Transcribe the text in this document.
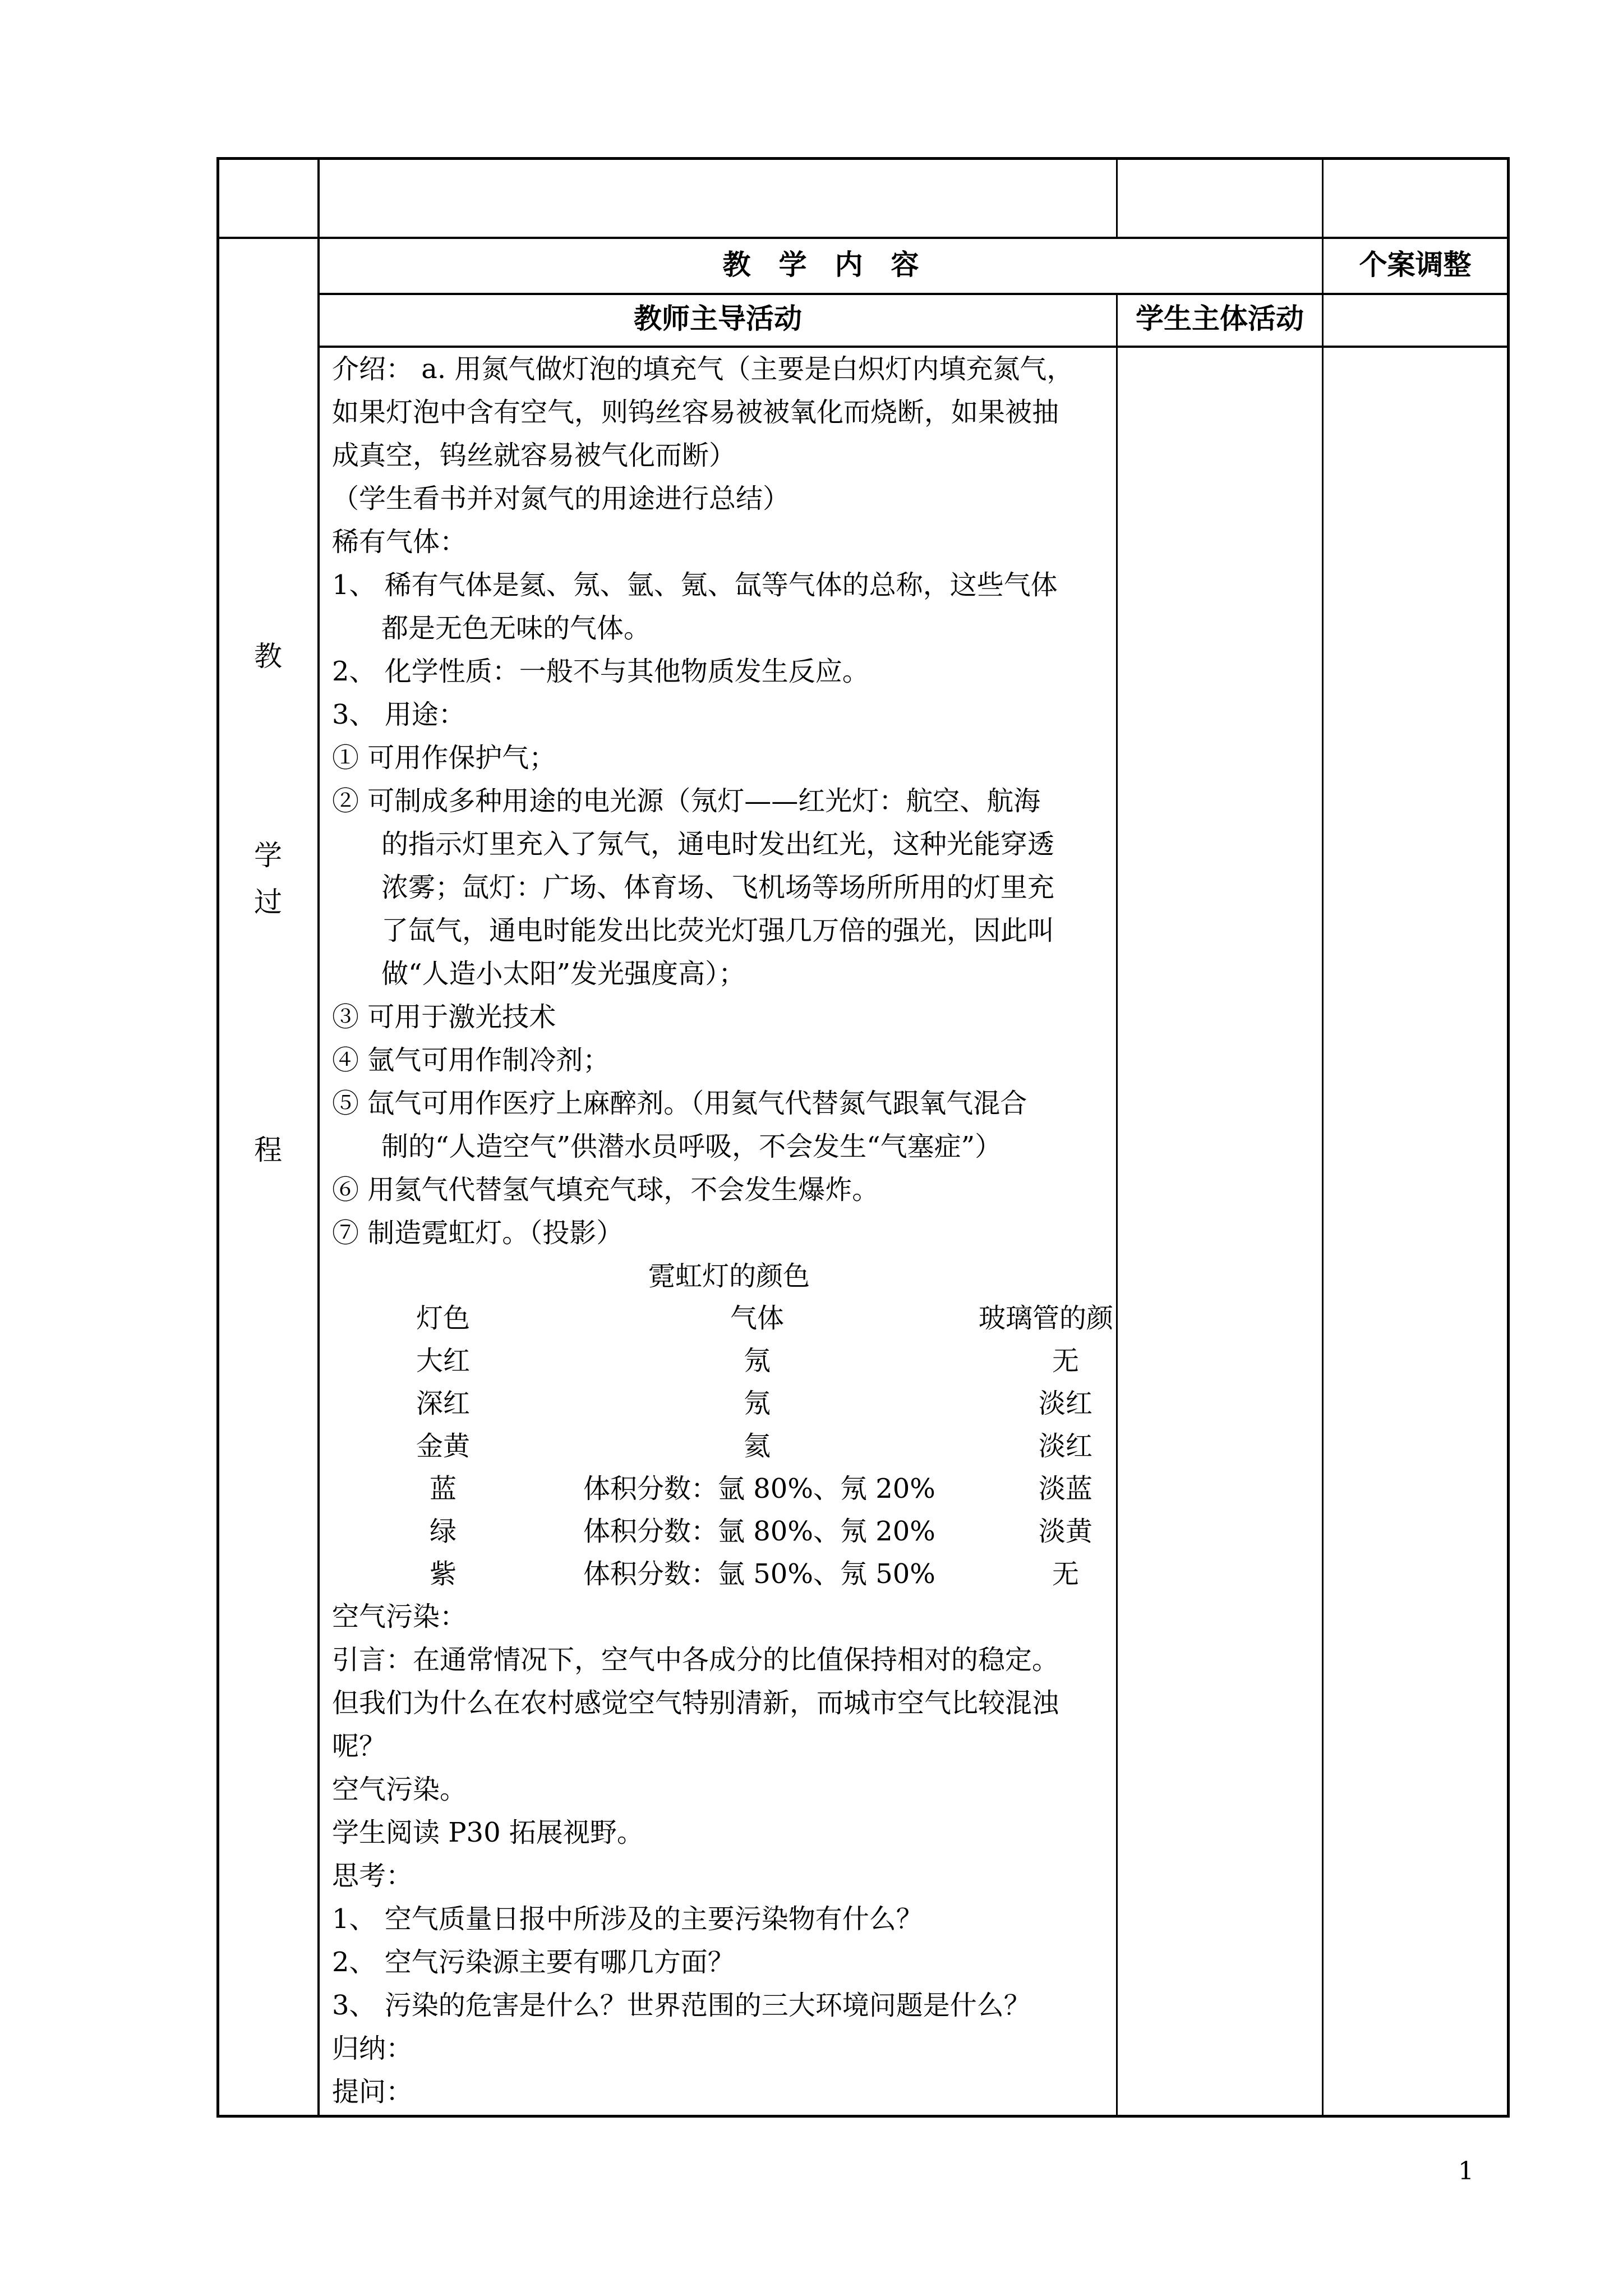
教　学　内　容	个案调整
教师主导活动	学生主体活动
教
学
过
程
介绍： a. 用氮气做灯泡的填充气（主要是白炽灯内填充氮气，
如果灯泡中含有空气，则钨丝容易被被氧化而烧断，如果被抽
成真空，钨丝就容易被气化而断）
（学生看书并对氮气的用途进行总结）
稀有气体：
1、 稀有气体是氦、氖、氩、氪、氙等气体的总称，这些气体
都是无色无味的气体。
2、 化学性质：一般不与其他物质发生反应。
3、 用途：
① 可用作保护气；
② 可制成多种用途的电光源（氖灯——红光灯：航空、航海
的指示灯里充入了氖气，通电时发出红光，这种光能穿透
浓雾；氙灯：广场、体育场、飞机场等场所所用的灯里充
了氙气，通电时能发出比荧光灯强几万倍的强光，因此叫
做“人造小太阳”发光强度高）；
③ 可用于激光技术
④ 氩气可用作制冷剂；
⑤ 氙气可用作医疗上麻醉剂。（用氦气代替氮气跟氧气混合
制的“人造空气”供潜水员呼吸，不会发生“气塞症”）
⑥ 用氦气代替氢气填充气球，不会发生爆炸。
⑦ 制造霓虹灯。（投影）
霓虹灯的颜色
灯色	气体	玻璃管的颜
大红	氖	无
深红	氖	淡红
金黄	氦	淡红
蓝	体积分数：氩 80%、氖 20%	淡蓝
绿	体积分数：氩 80%、氖 20%	淡黄
紫	体积分数：氩 50%、氖 50%	无
空气污染：
引言：在通常情况下，空气中各成分的比值保持相对的稳定。
但我们为什么在农村感觉空气特别清新，而城市空气比较混浊
呢？
空气污染。
学生阅读 P30 拓展视野。
思考：
1、 空气质量日报中所涉及的主要污染物有什么？
2、 空气污染源主要有哪几方面？
3、 污染的危害是什么？世界范围的三大环境问题是什么？
归纳：
提问：
1
